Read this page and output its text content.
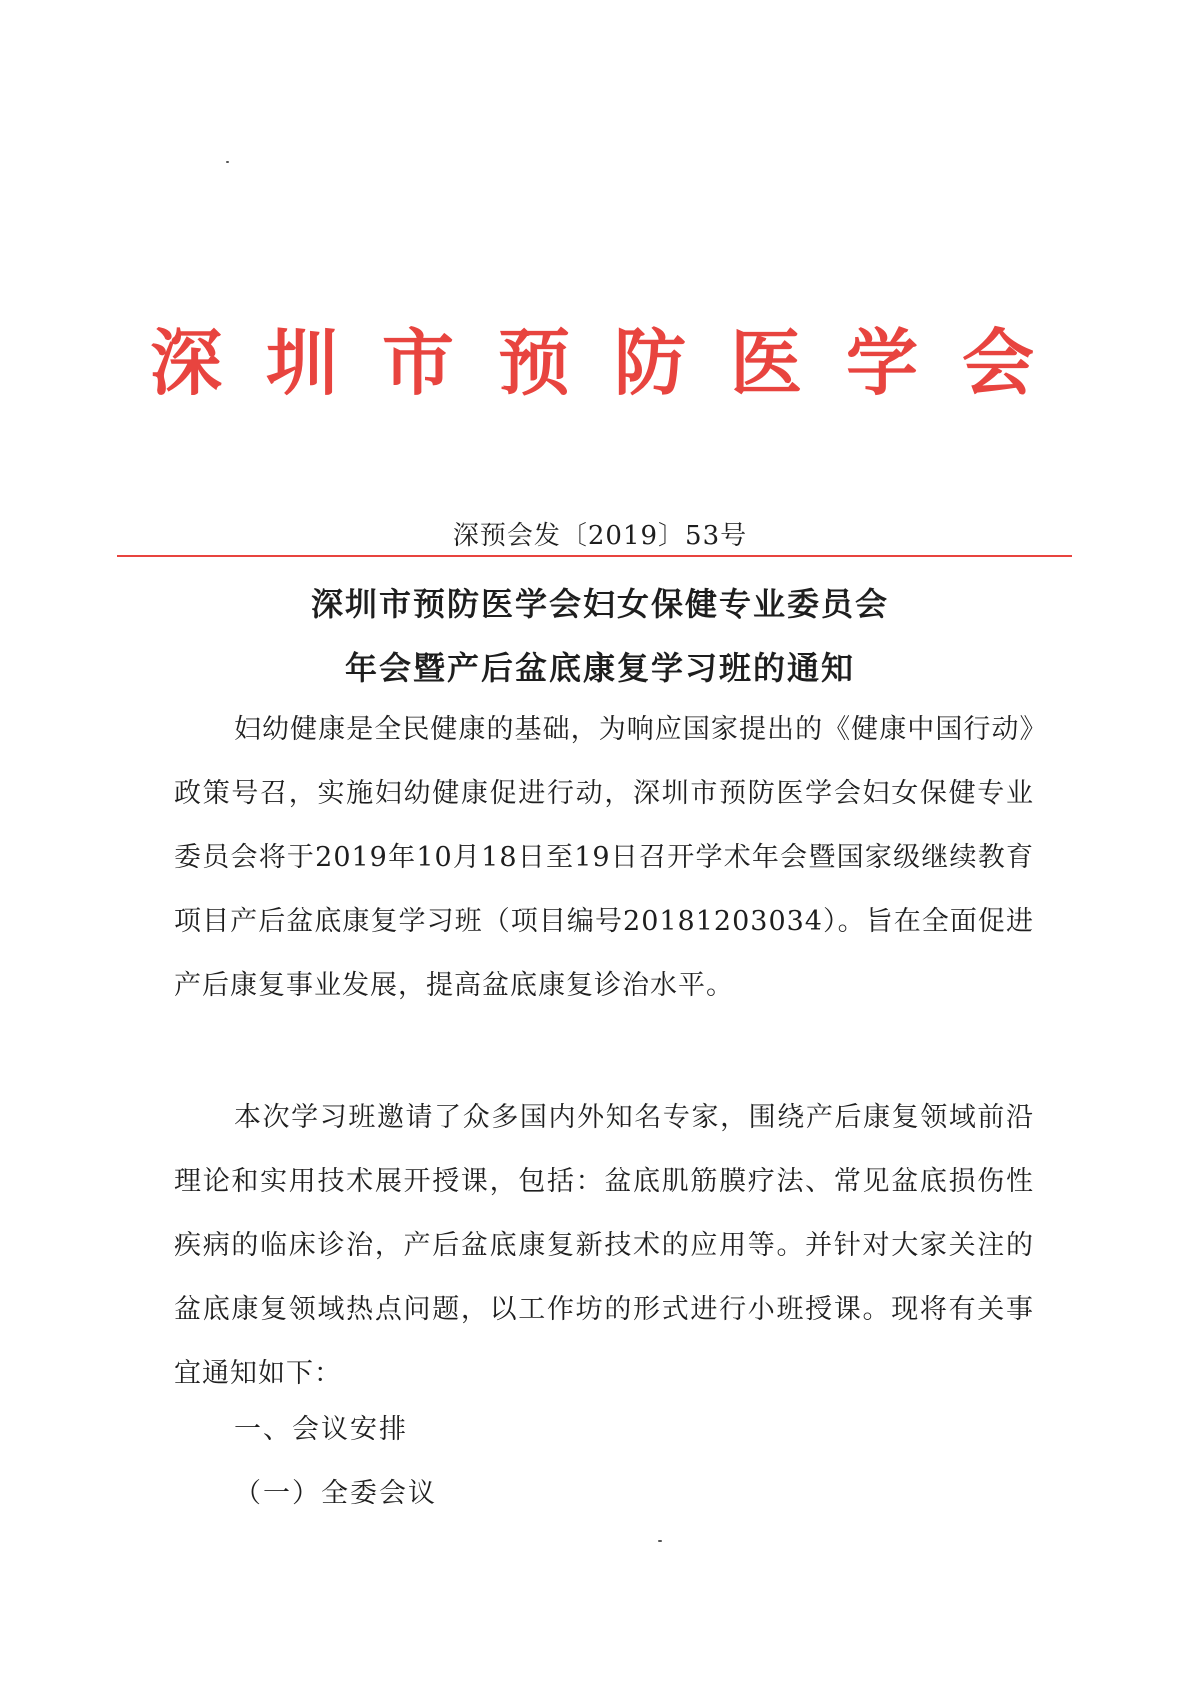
深圳市预防医学会
深预会发〔2019〕53号
深圳市预防医学会妇女保健专业委员会
年会暨产后盆底康复学习班的通知

妇幼健康是全民健康的基础，为响应国家提出的《健康中国行动》政策号召，实施妇幼健康促进行动，深圳市预防医学会妇女保健专业委员会将于2019年10月18日至19日召开学术年会暨国家级继续教育项目产后盆底康复学习班（项目编号20181203034）。旨在全面促进产后康复事业发展，提高盆底康复诊治水平。

本次学习班邀请了众多国内外知名专家，围绕产后康复领域前沿理论和实用技术展开授课，包括：盆底肌筋膜疗法、常见盆底损伤性疾病的临床诊治，产后盆底康复新技术的应用等。并针对大家关注的盆底康复领域热点问题，以工作坊的形式进行小班授课。现将有关事宜通知如下：

一、会议安排
（一）全委会议
